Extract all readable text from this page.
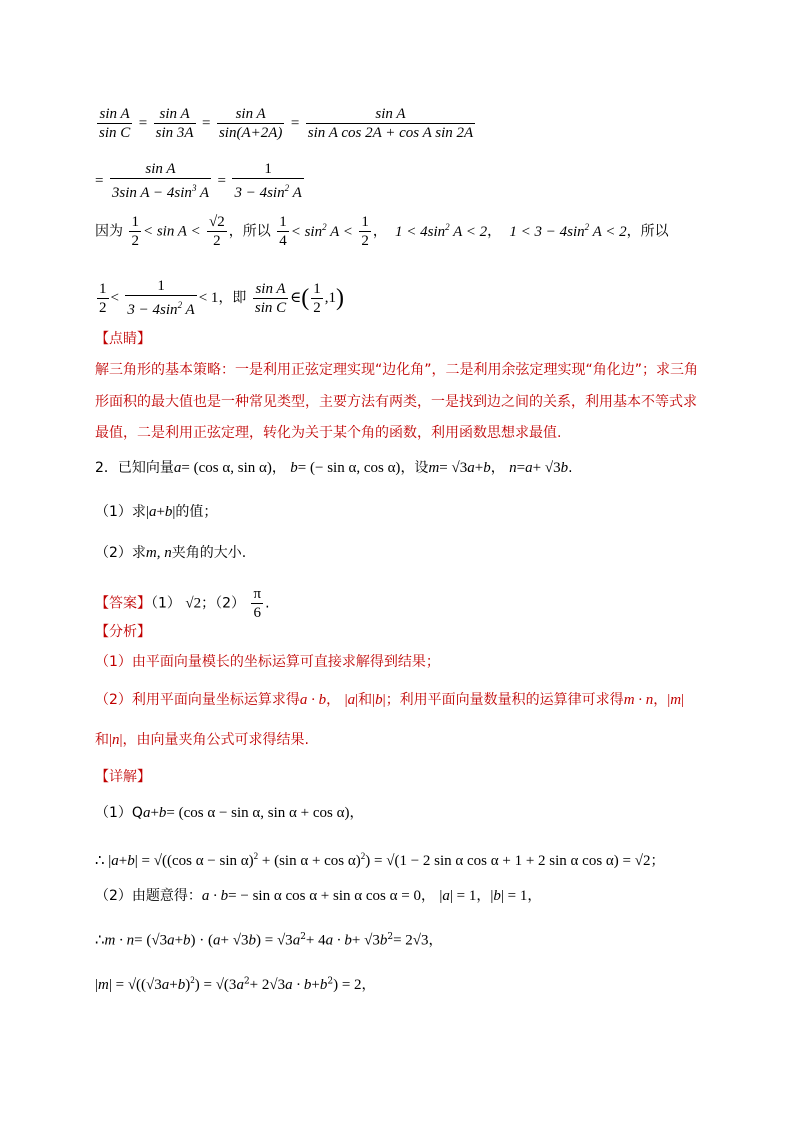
$\frac{\text{sin A}}{\text{sin C}} = \frac{\text{sin A}}{\sin 3A} = \frac{\text{sin A}}{\sin(A+2A)} = \frac{\text{sin A}}{\text{sin A cos 2A + cos A sin 2A}}$
= $\frac{\text{sin A}}{3\sin A - 4\sin^3 A} = \frac{1}{3 - 4\sin^2 A}$
因为 $\frac{1}{2} < \sin A < \frac{√2}{2}$ ，所以 $\frac{1}{4} < \sin^2 A < \frac{1}{2}$ ，  $1 < 4\sin^2$ A < 2，  $1 < 3 - 4\sin^2$ A < 2，所以
$\frac{1}{2} < \frac{1}{3 - 4\sin^2 A} < 1$，即 $\frac{\text{sin A}}{\text{sin C}}$ ∈( $\frac{1}{2} ,1$)
【点睛】
解三角形的基本策略：一是利用正弦定理实现“边化角”，二是利用余弦定理实现“角化边”；求三角
形面积的最大值也是一种常见类型，主要方法有两类，一是找到边之间的关系，利用基本不等式求
最值，二是利用正弦定理，转化为关于某个角的函数，利用函数思想求最值.
2．已知向量a= (cos α, sin α)， b= (− sin α, cos α)，设m= √3a+b， n=a+ √3b.
（1）求|a+b|的值；
（2）求m, n夹角的大小.
【答案】（1） √2；$(2) \frac{\pi}{6}$ .
【分析】
（1）由平面向量模长的坐标运算可直接求解得到结果；
（2）利用平面向量坐标运算求得a · b， |a|和|b|；利用平面向量数量积的运算律可求得m · n，|m|
和|n|，由向量夹角公式可求得结果.
【详解】
（1）Qa+b= (cos α − sin α, sin α + cos α)，
∴ |a+b| = √((cos α − sin α)$^2$ + (sin α + cos α)$^2$) = √(1 − 2 sin α cos α + 1 + 2 sin α cos α) = √2；
（2）由题意得：a · b= − sin α cos α + sin α cos α = 0， |a| = 1，|b| = 1，
∴m · $n= (√3a+b) \cdot (a+ √3b) = √3a^2+ 4a \cdot b+ √3b^2= 2√3$，
$|m| = √((√3a+b)^2) = √(3a^2+ 2√3a \cdot b+b^2) = 2$，
